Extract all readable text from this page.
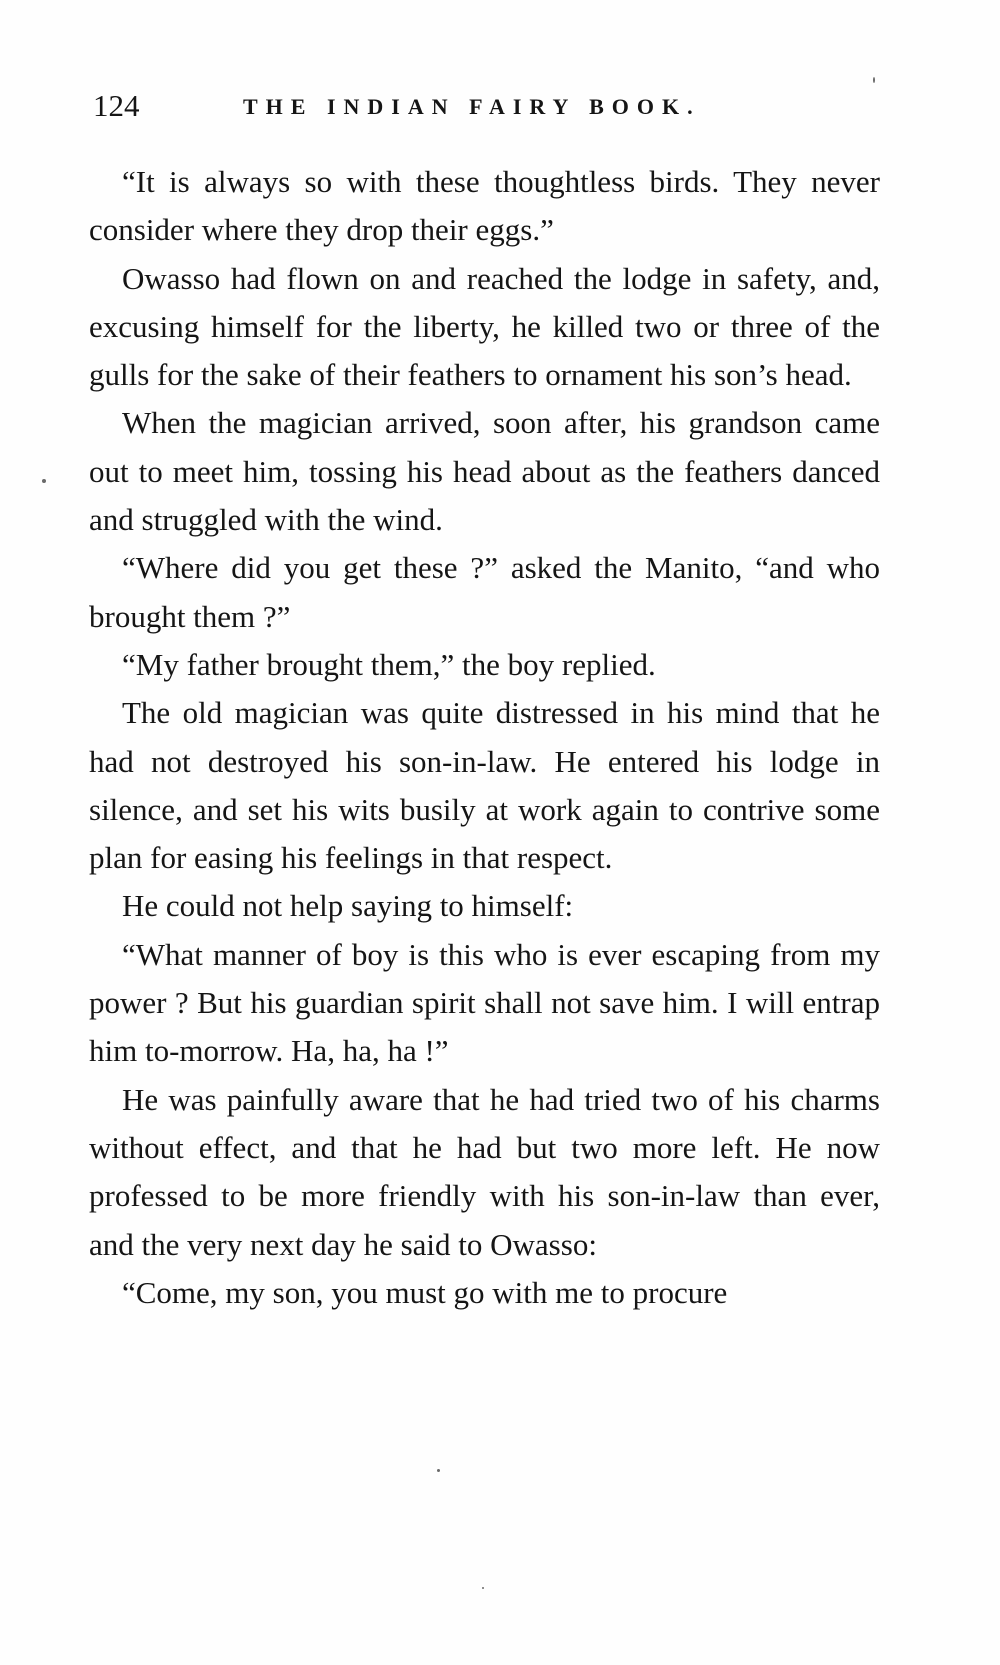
124	THE INDIAN FAIRY BOOK.

“It is always so with these thoughtless birds. They never consider where they drop their eggs.”

Owasso had flown on and reached the lodge in safety, and, excusing himself for the liberty, he killed two or three of the gulls for the sake of their feathers to ornament his son’s head.

When the magician arrived, soon after, his grandson came out to meet him, tossing his head about as the feathers danced and struggled with the wind.

“Where did you get these ?” asked the Manito, “and who brought them ?”

“My father brought them,” the boy replied.

The old magician was quite distressed in his mind that he had not destroyed his son-in-law. He entered his lodge in silence, and set his wits busily at work again to contrive some plan for easing his feelings in that respect.

He could not help saying to himself:

“What manner of boy is this who is ever escaping from my power ? But his guardian spirit shall not save him. I will entrap him to-morrow. Ha, ha, ha !”

He was painfully aware that he had tried two of his charms without effect, and that he had but two more left. He now professed to be more friendly with his son-in-law than ever, and the very next day he said to Owasso:

“Come, my son, you must go with me to procure
